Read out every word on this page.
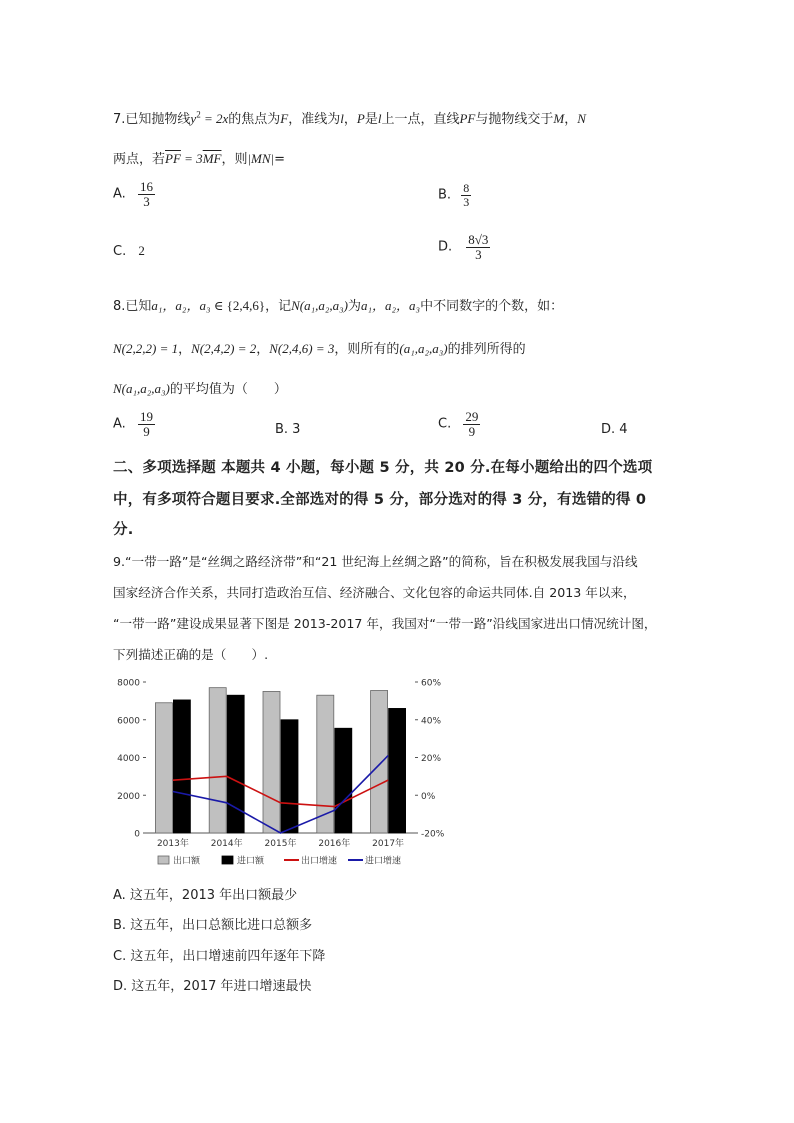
7.已知抛物线$y^2 = 2x$的焦点为F，准线为l，P是l上一点，直线PF与抛物线交于M，N
两点，若$\overline{PF} = 3\overline{MF}$，则|MN|=
A. $\frac{16}{3}$	B. $\frac{8}{3}$
C. 2	D. $\frac{8√3}{3}$
8.已知a₁，a₂，a₃ ∈ {2,4,6}，记N(a₁,a₂,a₃)为a₁，a₂，a₃中不同数字的个数，如：
N(2,2,2) = 1，N(2,4,2) = 2，N(2,4,6) = 3，则所有的(a₁,a₂,a₃)的排列所得的
N(a₁,a₂,a₃)的平均值为（　　）
A. $\frac{19}{9}$	B. 3	C. $\frac{29}{9}$	D. 4
二、多项选择题 本题共 4 小题，每小题 5 分，共 20 分.在每小题给出的四个选项
中，有多项符合题目要求.全部选对的得 5 分，部分选对的得 3 分，有选错的得 0
分.
9.“一带一路”是“丝绸之路经济带”和“21 世纪海上丝绸之路”的简称，旨在积极发展我国与沿线
国家经济合作关系，共同打造政治互信、经济融合、文化包容的命运共同体.自 2013 年以来，
“一带一路”建设成果显著下图是 2013-2017 年，我国对“一带一路”沿线国家进出口情况统计图，
下列描述正确的是（　　）.
0
2000
4000
6000
8000
-20%
0%
20%
40%
60%
2013年 2014年 2015年 2016年 2017年
出口额	进口额	出口增速	进口增速
A. 这五年，2013 年出口额最少
B. 这五年，出口总额比进口总额多
C. 这五年，出口增速前四年逐年下降
D. 这五年，2017 年进口增速最快
